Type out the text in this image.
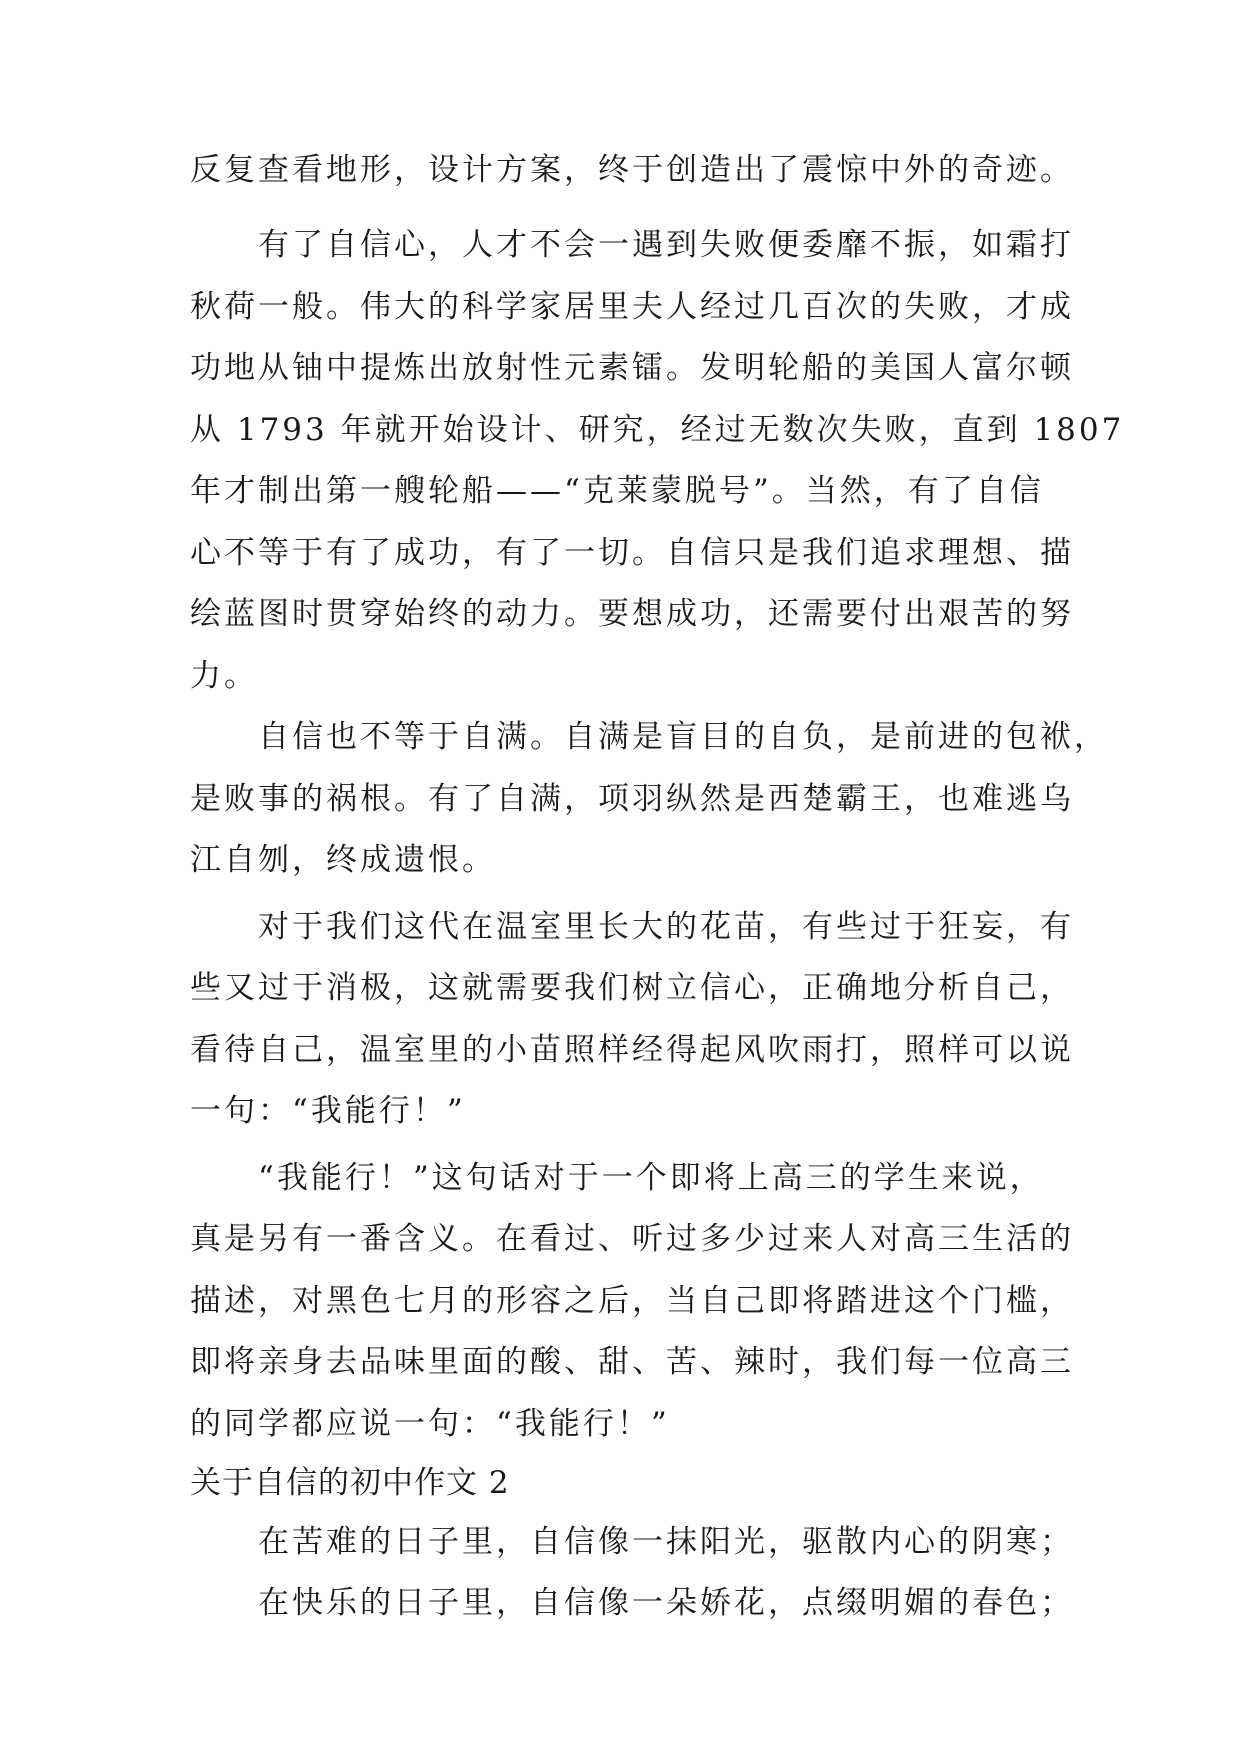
反复查看地形，设计方案，终于创造出了震惊中外的奇迹。
　　有了自信心，人才不会一遇到失败便委靡不振，如霜打
秋荷一般。伟大的科学家居里夫人经过几百次的失败，才成
功地从铀中提炼出放射性元素镭。发明轮船的美国人富尔顿
从 1793 年就开始设计、研究，经过无数次失败，直到 1807
年才制出第一艘轮船——“克莱蒙脱号”。当然，有了自信
心不等于有了成功，有了一切。自信只是我们追求理想、描
绘蓝图时贯穿始终的动力。要想成功，还需要付出艰苦的努
力。
　　自信也不等于自满。自满是盲目的自负，是前进的包袱，
是败事的祸根。有了自满，项羽纵然是西楚霸王，也难逃乌
江自刎，终成遗恨。
　　对于我们这代在温室里长大的花苗，有些过于狂妄，有
些又过于消极，这就需要我们树立信心，正确地分析自己，
看待自己，温室里的小苗照样经得起风吹雨打，照样可以说
一句：“我能行！”
　　“我能行！”这句话对于一个即将上高三的学生来说，
真是另有一番含义。在看过、听过多少过来人对高三生活的
描述，对黑色七月的形容之后，当自己即将踏进这个门槛，
即将亲身去品味里面的酸、甜、苦、辣时，我们每一位高三
的同学都应说一句：“我能行！”
关于自信的初中作文 2
　　在苦难的日子里，自信像一抹阳光，驱散内心的阴寒；
　　在快乐的日子里，自信像一朵娇花，点缀明媚的春色；
